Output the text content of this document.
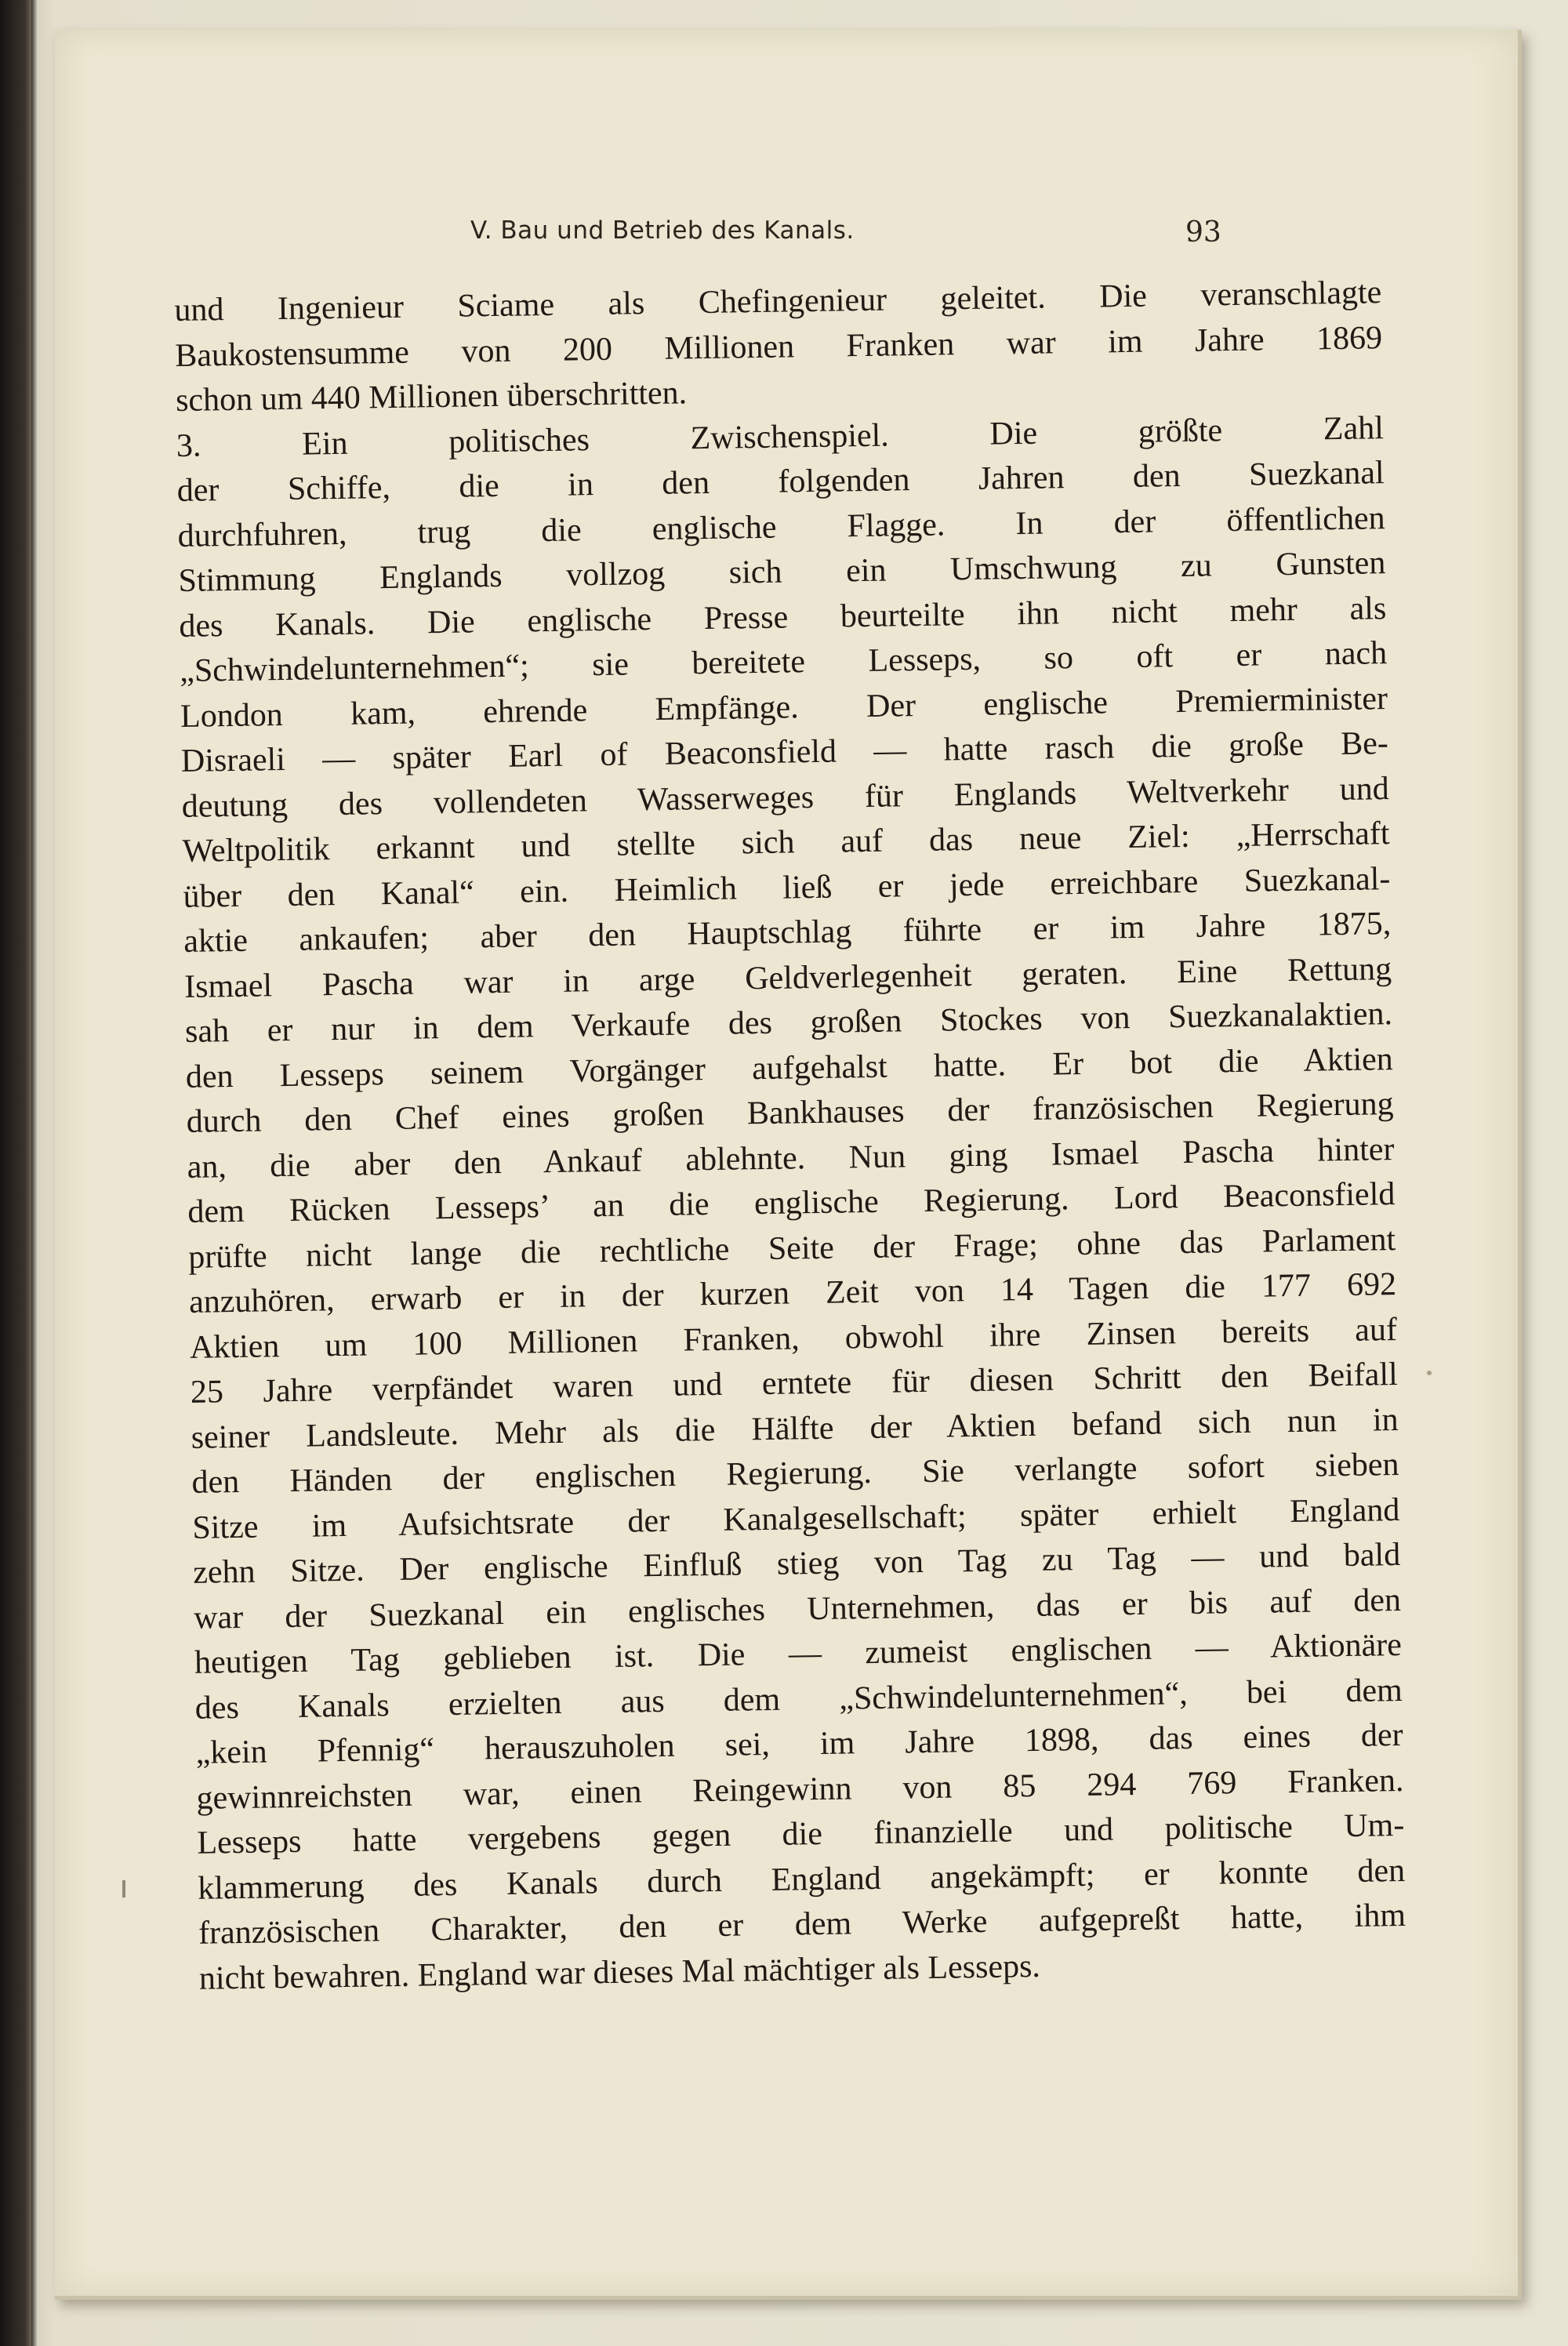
V. Bau und Betrieb des Kanals.	93
und Ingenieur Sciame als Chefingenieur geleitet. Die veranschlagte
Baukostensumme von 200 Millionen Franken war im Jahre 1869
schon um 440 Millionen überschritten.
3. Ein politisches Zwischenspiel. Die größte Zahl
der Schiffe, die in den folgenden Jahren den Suezkanal
durchfuhren, trug die englische Flagge. In der öffentlichen
Stimmung Englands vollzog sich ein Umschwung zu Gunsten
des Kanals. Die englische Presse beurteilte ihn nicht mehr als
„Schwindelunternehmen“; sie bereitete Lesseps, so oft er nach
London kam, ehrende Empfänge. Der englische Premierminister
Disraeli — später Earl of Beaconsfield — hatte rasch die große Be-
deutung des vollendeten Wasserweges für Englands Weltverkehr und
Weltpolitik erkannt und stellte sich auf das neue Ziel: „Herrschaft
über den Kanal“ ein. Heimlich ließ er jede erreichbare Suezkanal-
aktie ankaufen; aber den Hauptschlag führte er im Jahre 1875,
Ismael Pascha war in arge Geldverlegenheit geraten. Eine Rettung
sah er nur in dem Verkaufe des großen Stockes von Suezkanalaktien.
den Lesseps seinem Vorgänger aufgehalst hatte. Er bot die Aktien
durch den Chef eines großen Bankhauses der französischen Regierung
an, die aber den Ankauf ablehnte. Nun ging Ismael Pascha hinter
dem Rücken Lesseps’ an die englische Regierung. Lord Beaconsfield
prüfte nicht lange die rechtliche Seite der Frage; ohne das Parlament
anzuhören, erwarb er in der kurzen Zeit von 14 Tagen die 177 692
Aktien um 100 Millionen Franken, obwohl ihre Zinsen bereits auf
25 Jahre verpfändet waren und erntete für diesen Schritt den Beifall
seiner Landsleute. Mehr als die Hälfte der Aktien befand sich nun in
den Händen der englischen Regierung. Sie verlangte sofort sieben
Sitze im Aufsichtsrate der Kanalgesellschaft; später erhielt England
zehn Sitze. Der englische Einfluß stieg von Tag zu Tag — und bald
war der Suezkanal ein englisches Unternehmen, das er bis auf den
heutigen Tag geblieben ist. Die — zumeist englischen — Aktionäre
des Kanals erzielten aus dem „Schwindelunternehmen“, bei dem
„kein Pfennig“ herauszuholen sei, im Jahre 1898, das eines der
gewinnreichsten war, einen Reingewinn von 85 294 769 Franken.
Lesseps hatte vergebens gegen die finanzielle und politische Um-
klammerung des Kanals durch England angekämpft; er konnte den
französischen Charakter, den er dem Werke aufgepreßt hatte, ihm
nicht bewahren. England war dieses Mal mächtiger als Lesseps.
